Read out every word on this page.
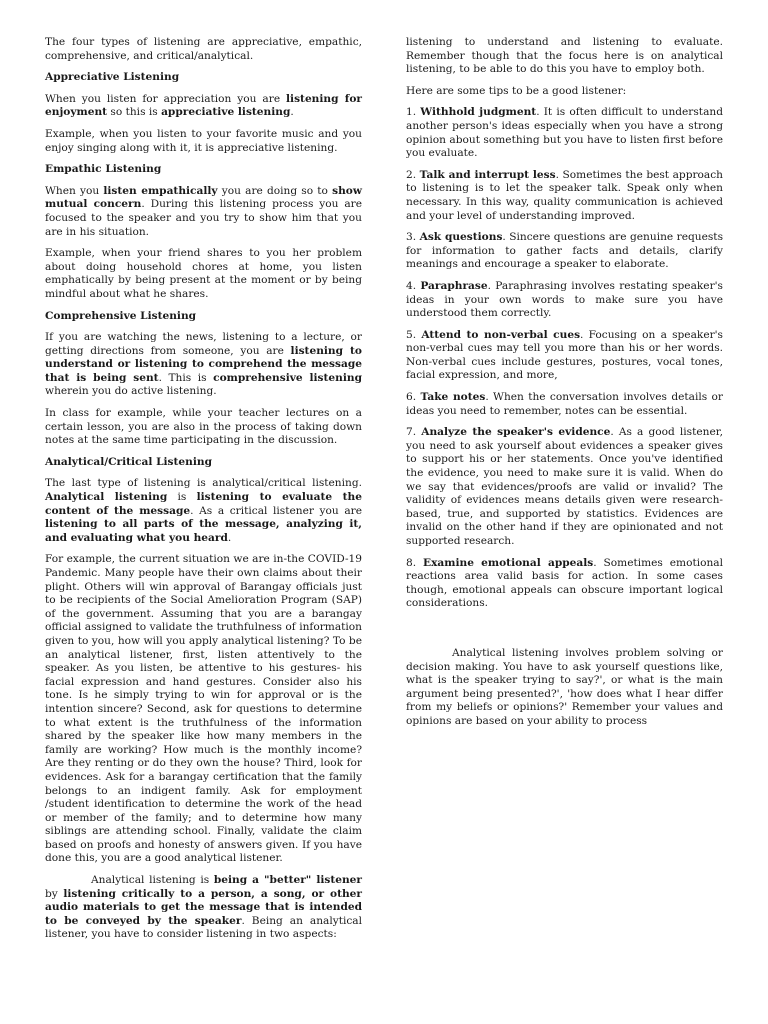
The four types of listening are appreciative, empathic, comprehensive, and critical/analytical.

Appreciative Listening

When you listen for appreciation you are listening for enjoyment so this is appreciative listening.

Example, when you listen to your favorite music and you enjoy singing along with it, it is appreciative listening.

Empathic Listening

When you listen empathically you are doing so to show mutual concern. During this listening process you are focused to the speaker and you try to show him that you are in his situation.

Example, when your friend shares to you her problem about doing household chores at home, you listen emphatically by being present at the moment or by being mindful about what he shares.

Comprehensive Listening

If you are watching the news, listening to a lecture, or getting directions from someone, you are listening to understand or listening to comprehend the message that is being sent. This is comprehensive listening wherein you do active listening.

In class for example, while your teacher lectures on a certain lesson, you are also in the process of taking down notes at the same time participating in the discussion.

Analytical/Critical Listening

The last type of listening is analytical/critical listening. Analytical listening is listening to evaluate the content of the message. As a critical listener you are listening to all parts of the message, analyzing it, and evaluating what you heard.

For example, the current situation we are in-the COVID-19 Pandemic. Many people have their own claims about their plight. Others will win approval of Barangay officials just to be recipients of the Social Amelioration Program (SAP) of the government. Assuming that you are a barangay official assigned to validate the truthfulness of information given to you, how will you apply analytical listening? To be an analytical listener, first, listen attentively to the speaker. As you listen, be attentive to his gestures- his facial expression and hand gestures. Consider also his tone. Is he simply trying to win for approval or is the intention sincere? Second, ask for questions to determine to what extent is the truthfulness of the information shared by the speaker like how many members in the family are working? How much is the monthly income? Are they renting or do they own the house? Third, look for evidences. Ask for a barangay certification that the family belongs to an indigent family. Ask for employment /student identification to determine the work of the head or member of the family; and to determine how many siblings are attending school. Finally, validate the claim based on proofs and honesty of answers given. If you have done this, you are a good analytical listener.

Analytical listening is being a "better" listener by listening critically to a person, a song, or other audio materials to get the message that is intended to be conveyed by the speaker. Being an analytical listener, you have to consider listening in two aspects:

listening to understand and listening to evaluate. Remember though that the focus here is on analytical listening, to be able to do this you have to employ both.

Here are some tips to be a good listener:

1. Withhold judgment. It is often difficult to understand another person's ideas especially when you have a strong opinion about something but you have to listen first before you evaluate.

2. Talk and interrupt less. Sometimes the best approach to listening is to let the speaker talk. Speak only when necessary. In this way, quality communication is achieved and your level of understanding improved.

3. Ask questions. Sincere questions are genuine requests for information to gather facts and details, clarify meanings and encourage a speaker to elaborate.

4. Paraphrase. Paraphrasing involves restating speaker's ideas in your own words to make sure you have understood them correctly.

5. Attend to non-verbal cues. Focusing on a speaker's non-verbal cues may tell you more than his or her words. Non-verbal cues include gestures, postures, vocal tones, facial expression, and more,

6. Take notes. When the conversation involves details or ideas you need to remember, notes can be essential.

7. Analyze the speaker's evidence. As a good listener, you need to ask yourself about evidences a speaker gives to support his or her statements. Once you've identified the evidence, you need to make sure it is valid. When do we say that evidences/proofs are valid or invalid? The validity of evidences means details given were research-based, true, and supported by statistics. Evidences are invalid on the other hand if they are opinionated and not supported research.

8. Examine emotional appeals. Sometimes emotional reactions area valid basis for action. In some cases though, emotional appeals can obscure important logical considerations.

Analytical listening involves problem solving or decision making. You have to ask yourself questions like, what is the speaker trying to say?', or what is the main argument being presented?', 'how does what I hear differ from my beliefs or opinions?' Remember your values and opinions are based on your ability to process
